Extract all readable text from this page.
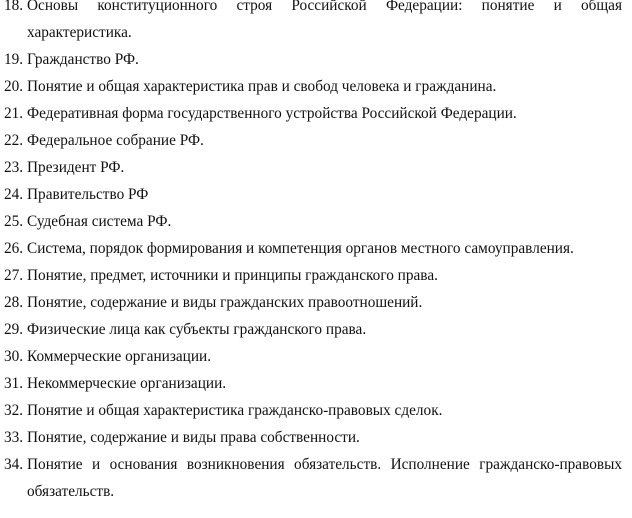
18. Основы конституционного строя Российской Федерации: понятие и общая
характеристика.
19. Гражданство РФ.
20. Понятие и общая характеристика прав и свобод человека и гражданина.
21. Федеративная форма государственного устройства Российской Федерации.
22. Федеральное собрание РФ.
23. Президент РФ.
24. Правительство РФ
25. Судебная система РФ.
26. Система, порядок формирования и компетенция органов местного самоуправления.
27. Понятие, предмет, источники и принципы гражданского права.
28. Понятие, содержание и виды гражданских правоотношений.
29. Физические лица как субъекты гражданского права.
30. Коммерческие организации.
31. Некоммерческие организации.
32. Понятие и общая характеристика гражданско-правовых сделок.
33. Понятие, содержание и виды права собственности.
34. Понятие и основания возникновения обязательств. Исполнение гражданско-правовых
обязательств.
